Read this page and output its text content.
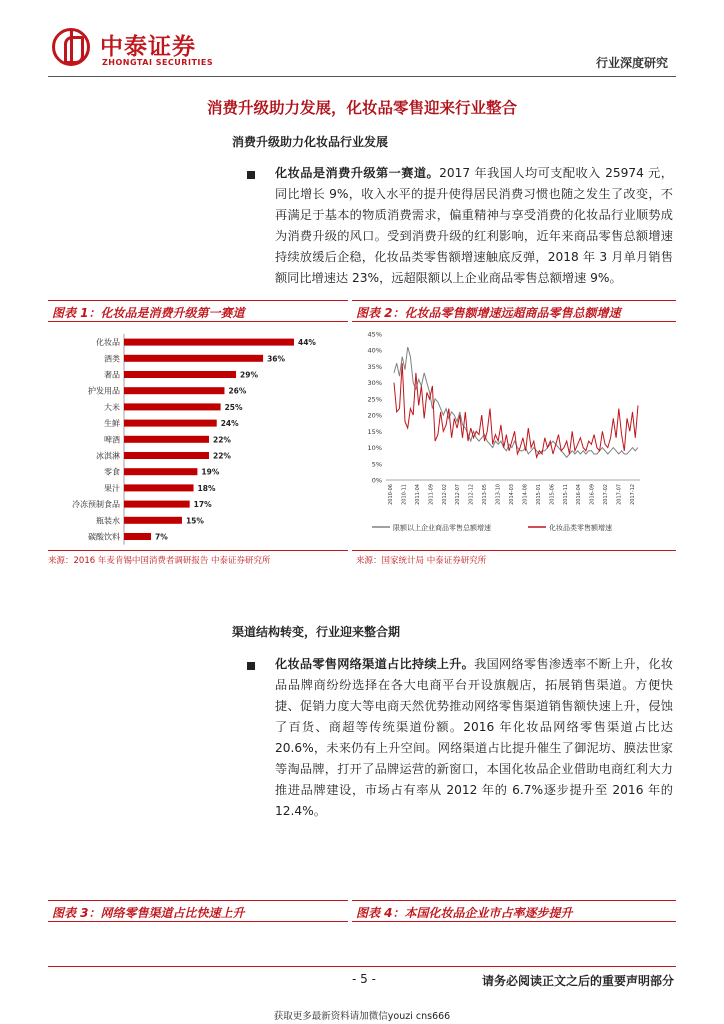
中泰证券
ZHONGTAI SECURITIES	行业深度研究
消费升级助力发展，化妆品零售迎来行业整合
消费升级助力化妆品行业发展
化妆品是消费升级第一赛道。2017 年我国人均可支配收入 25974 元，同比增长 9%，收入水平的提升使得居民消费习惯也随之发生了改变，不再满足于基本的物质消费需求，偏重精神与享受消费的化妆品行业顺势成为消费升级的风口。受到消费升级的红利影响，近年来商品零售总额增速持续放缓后企稳，化妆品类零售额增速触底反弹，2018 年 3 月单月销售额同比增速达 23%，远超限额以上企业商品零售总额增速 9%。
图表 1：化妆品是消费升级第一赛道
化妆品	44%
酒类	36%
奢品	29%
护发用品	26%
大米	25%
生鲜	24%
啤酒	22%
冰淇淋	22%
零食	19%
果汁	18%
冷冻预制食品	17%
瓶装水	15%
碳酸饮料	7%
来源：2016 年麦肯锡中国消费者调研报告 中泰证券研究所
图表 2：化妆品零售额增速远超商品零售总额增速
0%
5%
10%
15%
20%
25%
30%
35%
40%
45%
2010-06 2010-11 2011-04 2011-09 2012-02 2012-07 2012-12 2013-05 2013-10 2014-03 2014-08 2015-01 2015-06 2015-11 2016-04 2016-09 2017-02 2017-07 2017-12
限额以上企业商品零售总额增速	化妆品类零售额增速
来源：国家统计局 中泰证券研究所
渠道结构转变，行业迎来整合期
化妆品零售网络渠道占比持续上升。我国网络零售渗透率不断上升，化妆品品牌商纷纷选择在各大电商平台开设旗舰店，拓展销售渠道。方便快捷、促销力度大等电商天然优势推动网络零售渠道销售额快速上升，侵蚀了百货、商超等传统渠道份额。2016 年化妆品网络零售渠道占比达 20.6%，未来仍有上升空间。网络渠道占比提升催生了御泥坊、膜法世家等淘品牌，打开了品牌运营的新窗口，本国化妆品企业借助电商红利大力推进品牌建设，市场占有率从 2012 年的 6.7%逐步提升至 2016 年的 12.4%。
图表 3：网络零售渠道占比快速上升	图表 4：本国化妆品企业市占率逐步提升
- 5 -	请务必阅读正文之后的重要声明部分
获取更多最新资料请加微信youzi cns666
